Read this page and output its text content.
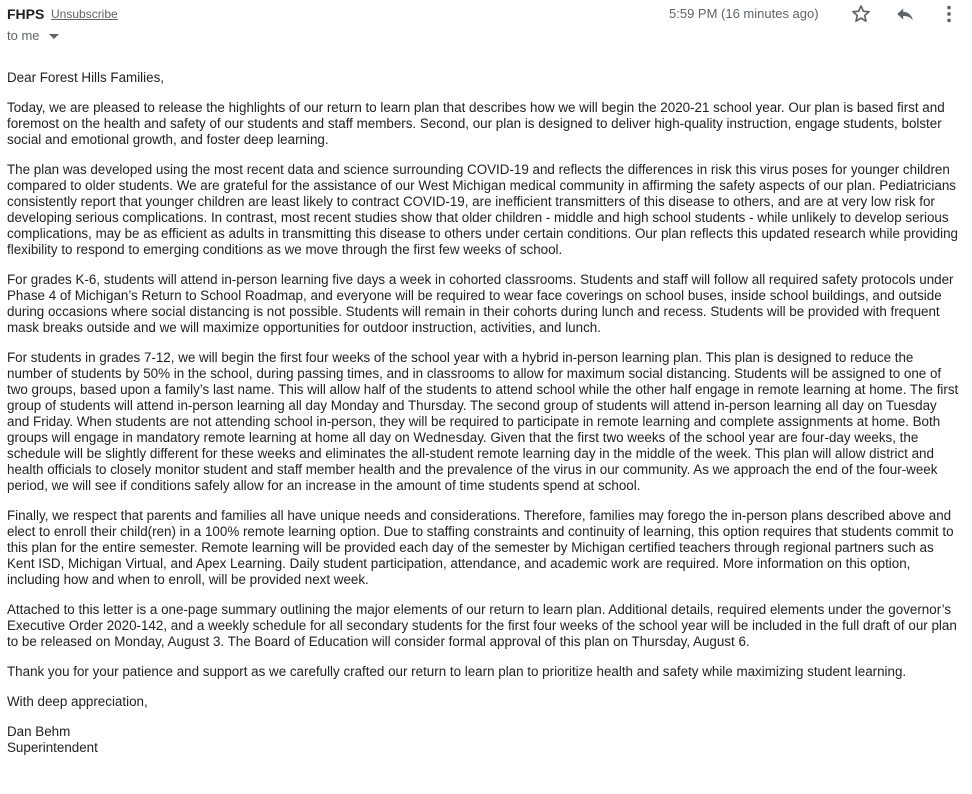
FHPS Unsubscribe
to me
5:59 PM (16 minutes ago)

Dear Forest Hills Families,

Today, we are pleased to release the highlights of our return to learn plan that describes how we will begin the 2020-21 school year. Our plan is based first and foremost on the health and safety of our students and staff members. Second, our plan is designed to deliver high-quality instruction, engage students, bolster social and emotional growth, and foster deep learning.

The plan was developed using the most recent data and science surrounding COVID-19 and reflects the differences in risk this virus poses for younger children compared to older students. We are grateful for the assistance of our West Michigan medical community in affirming the safety aspects of our plan. Pediatricians consistently report that younger children are least likely to contract COVID-19, are inefficient transmitters of this disease to others, and are at very low risk for developing serious complications. In contrast, most recent studies show that older children - middle and high school students - while unlikely to develop serious complications, may be as efficient as adults in transmitting this disease to others under certain conditions. Our plan reflects this updated research while providing flexibility to respond to emerging conditions as we move through the first few weeks of school.

For grades K-6, students will attend in-person learning five days a week in cohorted classrooms. Students and staff will follow all required safety protocols under Phase 4 of Michigan’s Return to School Roadmap, and everyone will be required to wear face coverings on school buses, inside school buildings, and outside during occasions where social distancing is not possible. Students will remain in their cohorts during lunch and recess. Students will be provided with frequent mask breaks outside and we will maximize opportunities for outdoor instruction, activities, and lunch.

For students in grades 7-12, we will begin the first four weeks of the school year with a hybrid in-person learning plan. This plan is designed to reduce the number of students by 50% in the school, during passing times, and in classrooms to allow for maximum social distancing. Students will be assigned to one of two groups, based upon a family’s last name. This will allow half of the students to attend school while the other half engage in remote learning at home. The first group of students will attend in-person learning all day Monday and Thursday. The second group of students will attend in-person learning all day on Tuesday and Friday. When students are not attending school in-person, they will be required to participate in remote learning and complete assignments at home. Both groups will engage in mandatory remote learning at home all day on Wednesday. Given that the first two weeks of the school year are four-day weeks, the schedule will be slightly different for these weeks and eliminates the all-student remote learning day in the middle of the week. This plan will allow district and health officials to closely monitor student and staff member health and the prevalence of the virus in our community. As we approach the end of the four-week period, we will see if conditions safely allow for an increase in the amount of time students spend at school.

Finally, we respect that parents and families all have unique needs and considerations. Therefore, families may forego the in-person plans described above and elect to enroll their child(ren) in a 100% remote learning option. Due to staffing constraints and continuity of learning, this option requires that students commit to this plan for the entire semester. Remote learning will be provided each day of the semester by Michigan certified teachers through regional partners such as Kent ISD, Michigan Virtual, and Apex Learning. Daily student participation, attendance, and academic work are required. More information on this option, including how and when to enroll, will be provided next week.

Attached to this letter is a one-page summary outlining the major elements of our return to learn plan. Additional details, required elements under the governor’s Executive Order 2020-142, and a weekly schedule for all secondary students for the first four weeks of the school year will be included in the full draft of our plan to be released on Monday, August 3. The Board of Education will consider formal approval of this plan on Thursday, August 6.

Thank you for your patience and support as we carefully crafted our return to learn plan to prioritize health and safety while maximizing student learning.

With deep appreciation,

Dan Behm
Superintendent
